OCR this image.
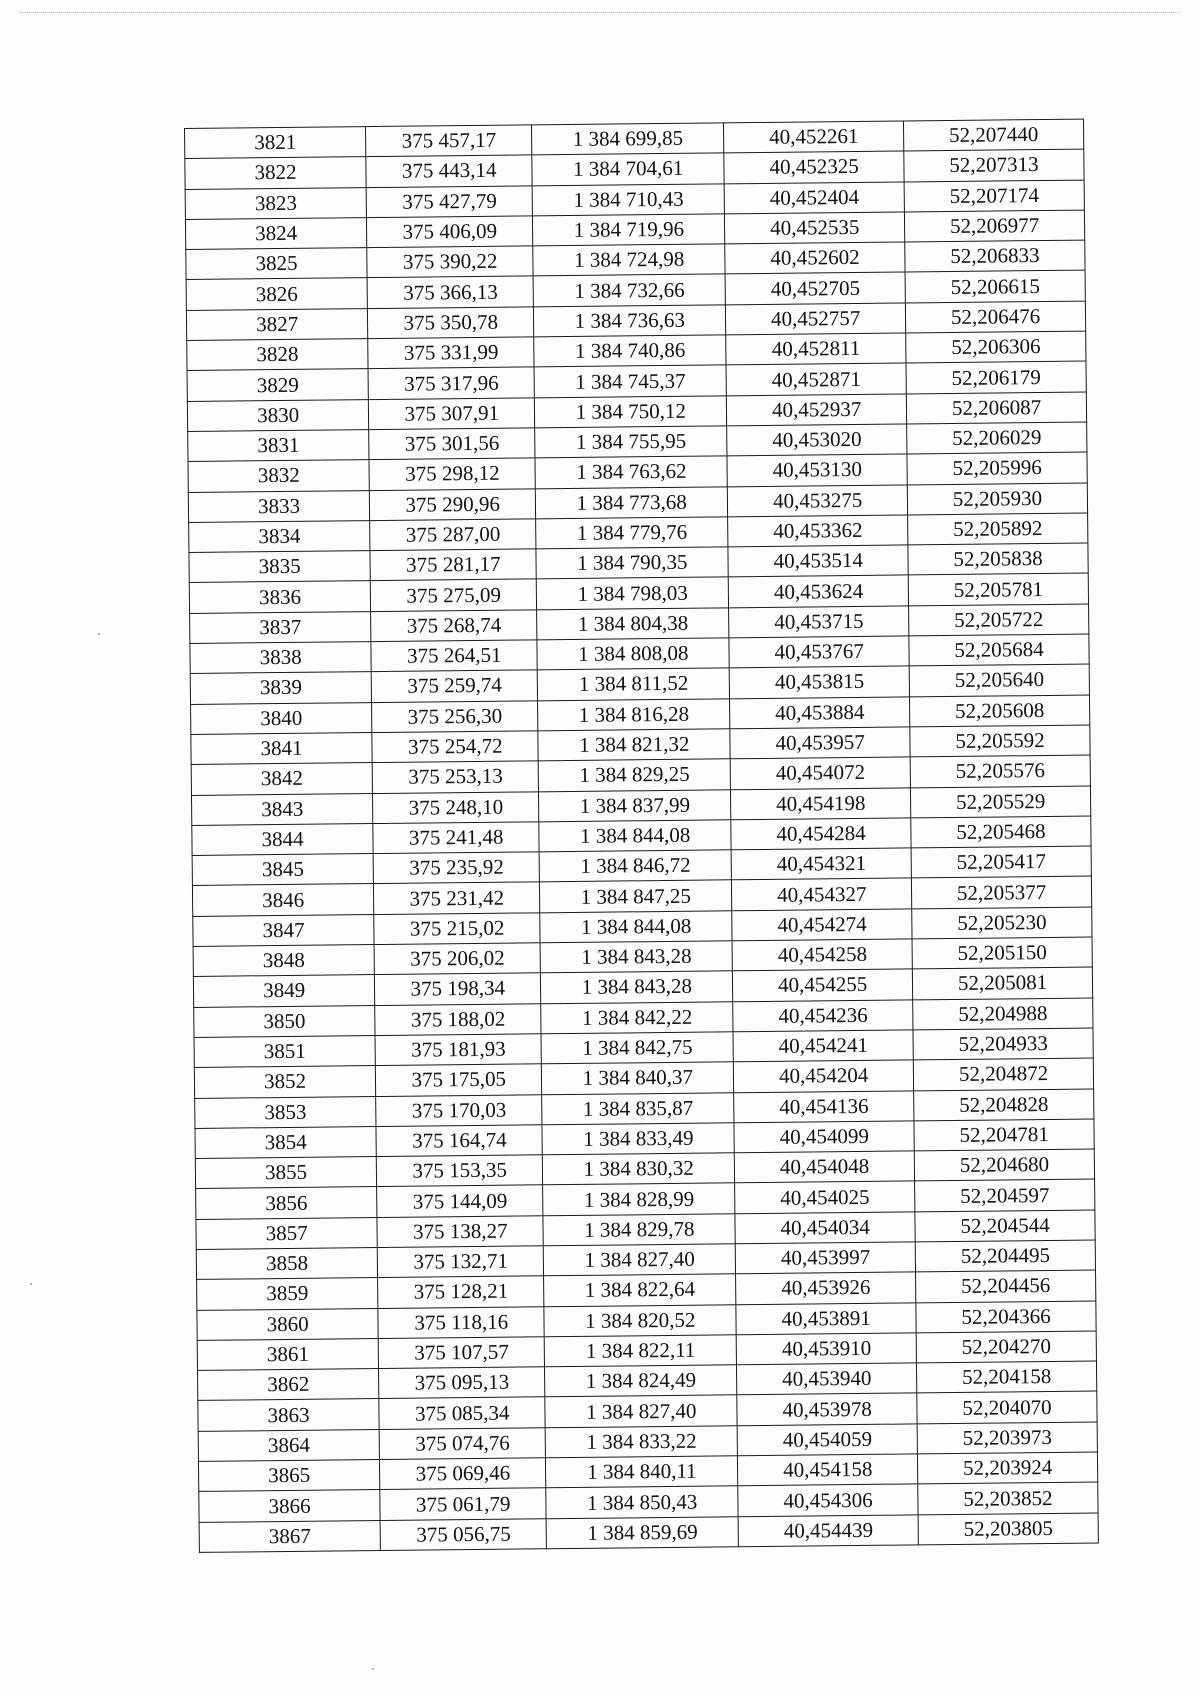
3821	375 457,17	1 384 699,85	40,452261	52,207440
3822	375 443,14	1 384 704,61	40,452325	52,207313
3823	375 427,79	1 384 710,43	40,452404	52,207174
3824	375 406,09	1 384 719,96	40,452535	52,206977
3825	375 390,22	1 384 724,98	40,452602	52,206833
3826	375 366,13	1 384 732,66	40,452705	52,206615
3827	375 350,78	1 384 736,63	40,452757	52,206476
3828	375 331,99	1 384 740,86	40,452811	52,206306
3829	375 317,96	1 384 745,37	40,452871	52,206179
3830	375 307,91	1 384 750,12	40,452937	52,206087
3831	375 301,56	1 384 755,95	40,453020	52,206029
3832	375 298,12	1 384 763,62	40,453130	52,205996
3833	375 290,96	1 384 773,68	40,453275	52,205930
3834	375 287,00	1 384 779,76	40,453362	52,205892
3835	375 281,17	1 384 790,35	40,453514	52,205838
3836	375 275,09	1 384 798,03	40,453624	52,205781
3837	375 268,74	1 384 804,38	40,453715	52,205722
3838	375 264,51	1 384 808,08	40,453767	52,205684
3839	375 259,74	1 384 811,52	40,453815	52,205640
3840	375 256,30	1 384 816,28	40,453884	52,205608
3841	375 254,72	1 384 821,32	40,453957	52,205592
3842	375 253,13	1 384 829,25	40,454072	52,205576
3843	375 248,10	1 384 837,99	40,454198	52,205529
3844	375 241,48	1 384 844,08	40,454284	52,205468
3845	375 235,92	1 384 846,72	40,454321	52,205417
3846	375 231,42	1 384 847,25	40,454327	52,205377
3847	375 215,02	1 384 844,08	40,454274	52,205230
3848	375 206,02	1 384 843,28	40,454258	52,205150
3849	375 198,34	1 384 843,28	40,454255	52,205081
3850	375 188,02	1 384 842,22	40,454236	52,204988
3851	375 181,93	1 384 842,75	40,454241	52,204933
3852	375 175,05	1 384 840,37	40,454204	52,204872
3853	375 170,03	1 384 835,87	40,454136	52,204828
3854	375 164,74	1 384 833,49	40,454099	52,204781
3855	375 153,35	1 384 830,32	40,454048	52,204680
3856	375 144,09	1 384 828,99	40,454025	52,204597
3857	375 138,27	1 384 829,78	40,454034	52,204544
3858	375 132,71	1 384 827,40	40,453997	52,204495
3859	375 128,21	1 384 822,64	40,453926	52,204456
3860	375 118,16	1 384 820,52	40,453891	52,204366
3861	375 107,57	1 384 822,11	40,453910	52,204270
3862	375 095,13	1 384 824,49	40,453940	52,204158
3863	375 085,34	1 384 827,40	40,453978	52,204070
3864	375 074,76	1 384 833,22	40,454059	52,203973
3865	375 069,46	1 384 840,11	40,454158	52,203924
3866	375 061,79	1 384 850,43	40,454306	52,203852
3867	375 056,75	1 384 859,69	40,454439	52,203805
